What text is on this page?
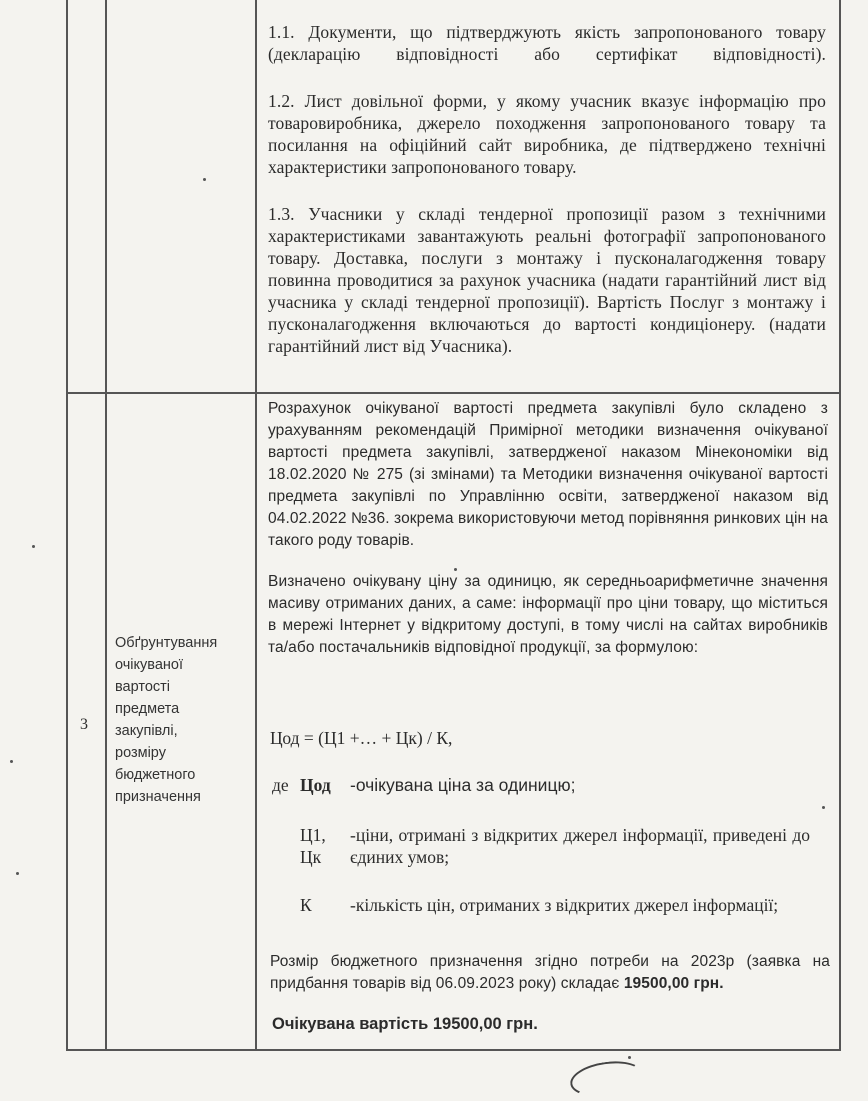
1.1. Документи, що підтверджують якість запропонованого товару (декларацію відповідності або сертифікат відповідності).

1.2. Лист довільної форми, у якому учасник вказує інформацію про товаровиробника, джерело походження запропонованого товару та посилання на офіційний сайт виробника, де підтверджено технічні характеристики запропонованого товару.

1.3. Учасники у складі тендерної пропозиції разом з технічними характеристиками завантажують реальні фотографії запропонованого товару. Доставка, послуги з монтажу і пусконалагодження товару повинна проводитися за рахунок учасника (надати гарантійний лист від учасника у складі тендерної пропозиції). Вартість Послуг з монтажу і пусконалагодження включаються до вартості кондиціонеру. (надати гарантійний лист від Учасника).

3
Обґрунтування
очікуваної
вартості
предмета
закупівлі,
розміру
бюджетного
призначення

Розрахунок очікуваної вартості предмета закупівлі було складено з урахуванням рекомендацій Примірної методики визначення очікуваної вартості предмета закупівлі, затвердженої наказом Мінекономіки від 18.02.2020 № 275 (зі змінами) та Методики визначення очікуваної вартості предмета закупівлі по Управлінню освіти, затвердженої наказом від 04.02.2022 №36. зокрема використовуючи метод порівняння ринкових цін на такого роду товарів.

Визначено очікувану ціну за одиницю, як середньоарифметичне значення масиву отриманих даних, а саме: інформації про ціни товару, що міститься в мережі Інтернет у відкритому доступі, в тому числі на сайтах виробників та/або постачальників відповідної продукції, за формулою:

Цод = (Ц1 +… + Цк) / К,
де Цод -очікувана ціна за одиницю;
Ц1,
Цк
-ціни, отримані з відкритих джерел інформації, приведені до єдиних умов;
К -кількість цін, отриманих з відкритих джерел інформації;

Розмір бюджетного призначення згідно потреби на 2023р (заявка на придбання товарів від 06.09.2023 року) складає 19500,00 грн.

Очікувана вартість 19500,00 грн.
